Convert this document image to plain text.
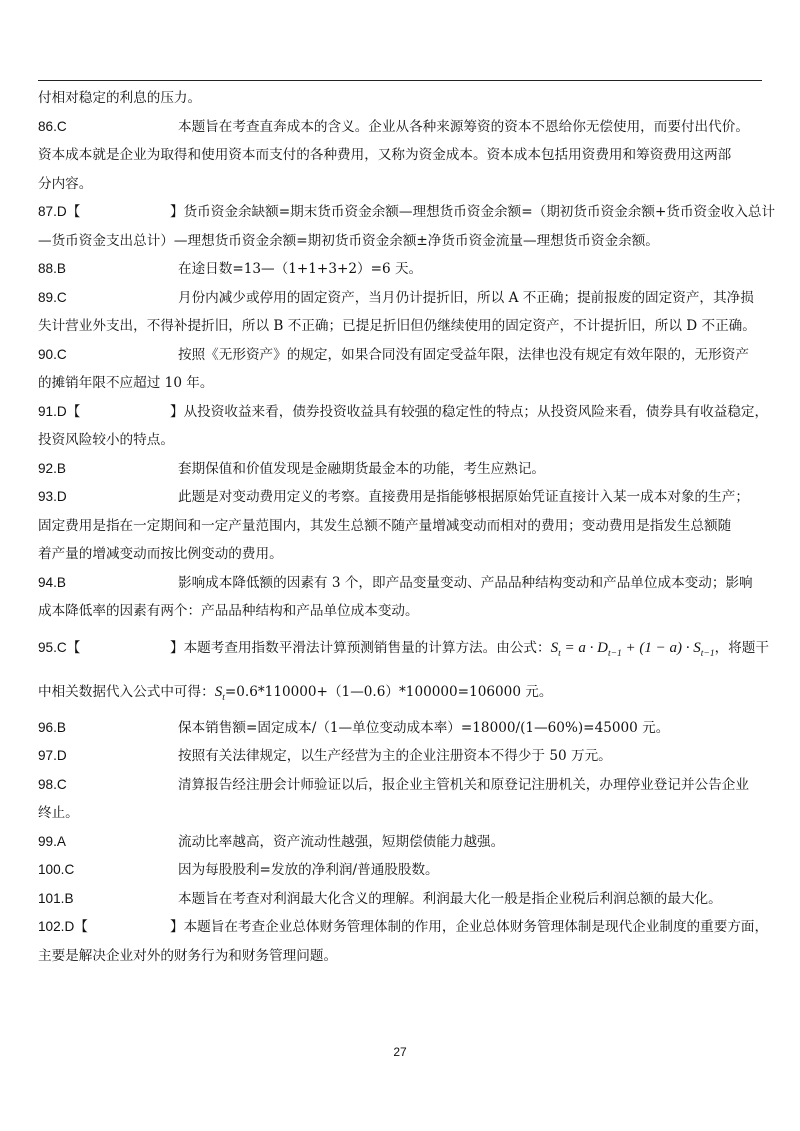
付相对稳定的利息的压力。
86.C	本题旨在考查直奔成本的含义。企业从各种来源筹资的资本不恩给你无偿使用，而要付出代价。
资本成本就是企业为取得和使用资本而支付的各种费用，又称为资金成本。资本成本包括用资费用和筹资费用这两部
分内容。
87.D【	】货币资金余缺额=期末货币资金余额—理想货币资金余额=（期初货币资金余额+货币资金收入总计
—货币资金支出总计）—理想货币资金余额=期初货币资金余额±净货币资金流量—理想货币资金余额。
88.B	在途日数=13—（1+1+3+2）=6 天。
89.C	月份内减少或停用的固定资产，当月仍计提折旧，所以 A 不正确；提前报废的固定资产，其净损
失计营业外支出，不得补提折旧，所以 B 不正确；已提足折旧但仍继续使用的固定资产，不计提折旧，所以 D 不正确。
90.C	按照《无形资产》的规定，如果合同没有固定受益年限，法律也没有规定有效年限的，无形资产
的摊销年限不应超过 10 年。
91.D【	】从投资收益来看，债券投资收益具有较强的稳定性的特点；从投资风险来看，债券具有收益稳定，
投资风险较小的特点。
92.B	套期保值和价值发现是金融期货最金本的功能，考生应熟记。
93.D	此题是对变动费用定义的考察。直接费用是指能够根据原始凭证直接计入某一成本对象的生产；
固定费用是指在一定期间和一定产量范围内，其发生总额不随产量增减变动而相对的费用；变动费用是指发生总额随
着产量的增减变动而按比例变动的费用。
94.B	影响成本降低额的因素有 3 个，即产品变量变动、产品品种结构变动和产品单位成本变动；影响
成本降低率的因素有两个：产品品种结构和产品单位成本变动。
95.C【	】本题考查用指数平滑法计算预测销售量的计算方法。由公式：$S_t = a \cdot D_{t-1} + (1 - a) \cdot S_{t-1}$，将题干
中相关数据代入公式中可得：$S_t=0.6*110000+(1—0.6)*100000=106000$ 元。
96.B	保本销售额=固定成本/（1—单位变动成本率）=18000/(1—60%)=45000 元。
97.D	按照有关法律规定，以生产经营为主的企业注册资本不得少于 50 万元。
98.C	清算报告经注册会计师验证以后，报企业主管机关和原登记注册机关，办理停业登记并公告企业
终止。
99.A	流动比率越高，资产流动性越强，短期偿债能力越强。
100.C	因为每股股利=发放的净利润/普通股股数。
101.B	本题旨在考查对利润最大化含义的理解。利润最大化一般是指企业税后利润总额的最大化。
102.D【	】本题旨在考查企业总体财务管理体制的作用，企业总体财务管理体制是现代企业制度的重要方面，
主要是解决企业对外的财务行为和财务管理问题。
27
